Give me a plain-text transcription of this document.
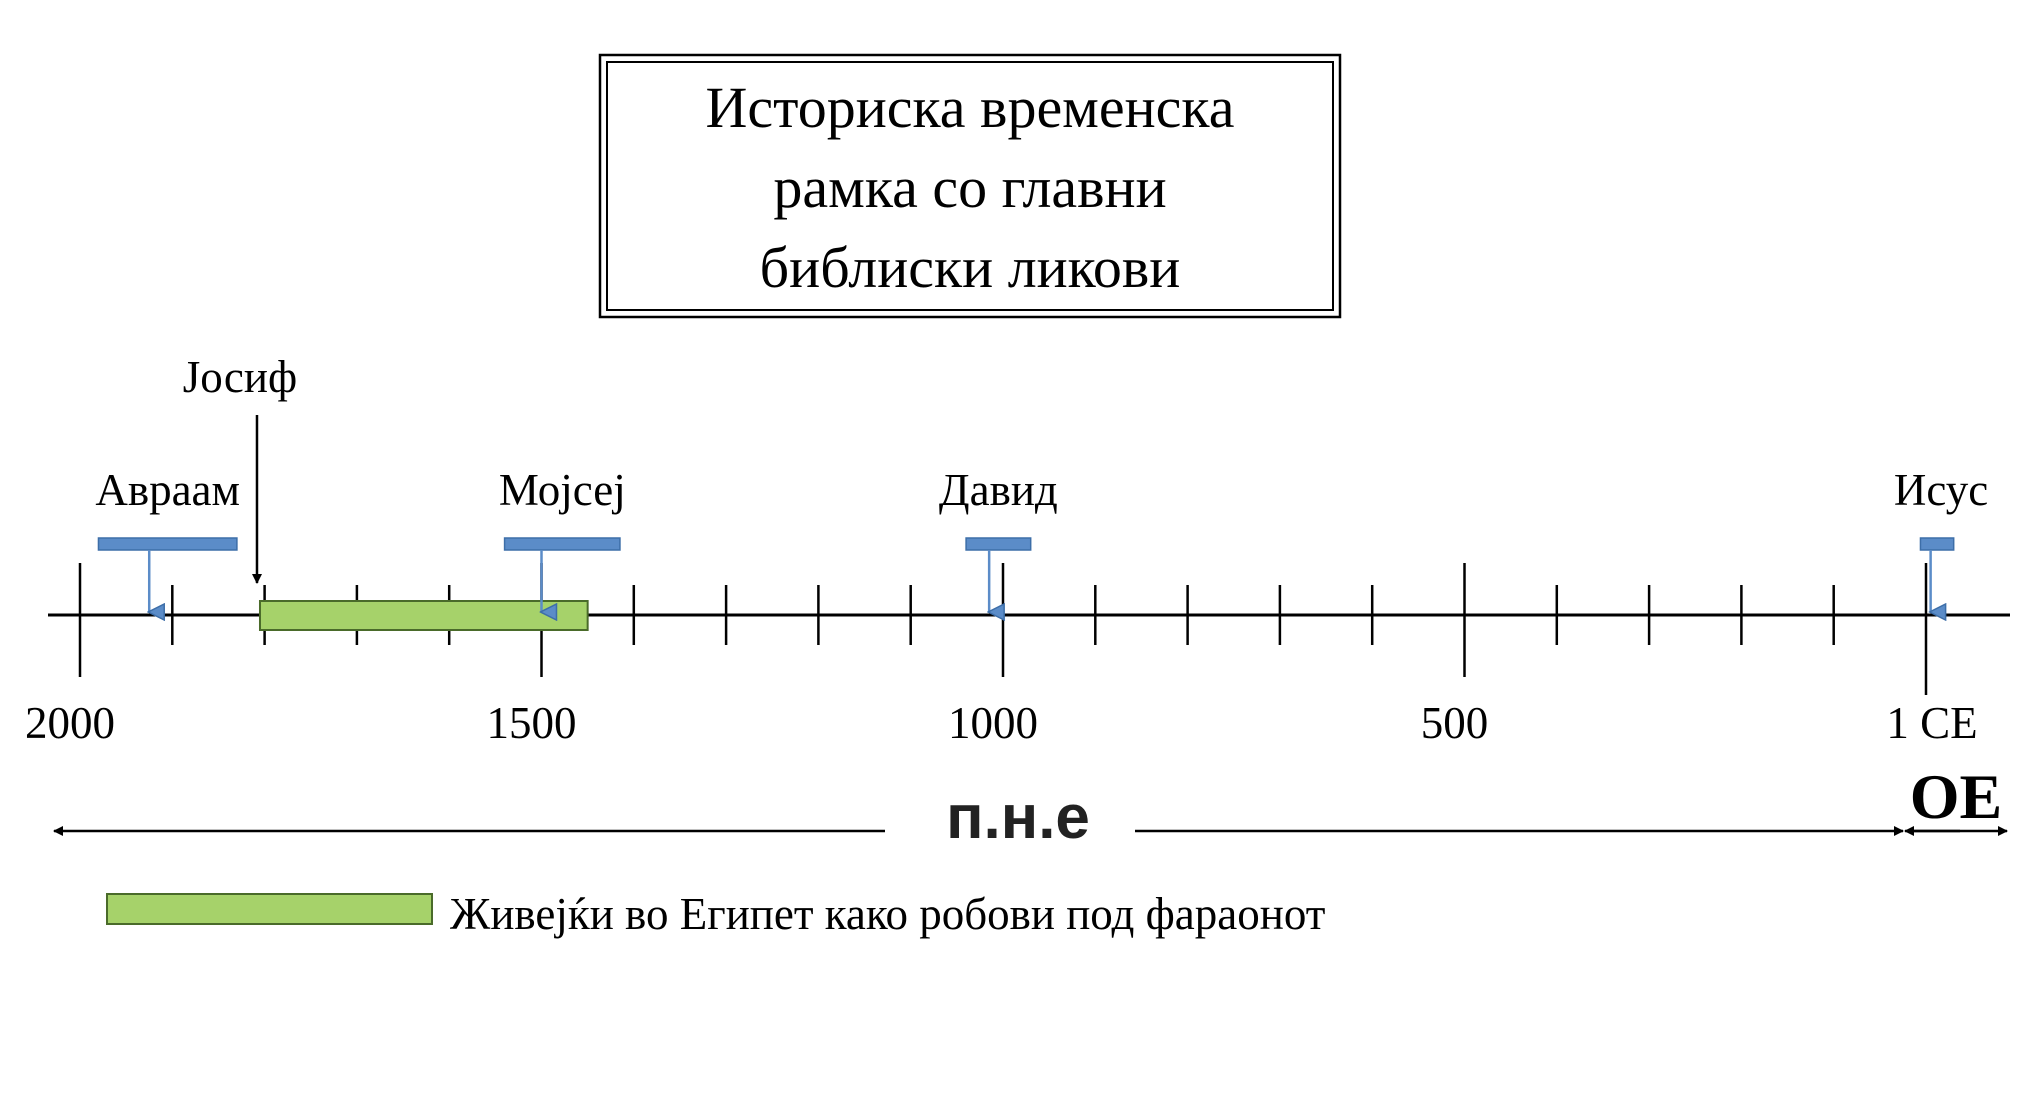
Историска временска
рамка со главни
библиски ликови
2000	1500	1000	500	1 CE
Јосиф
Авраам	Мојсеј	Давид	Исус
п.н.е	OE
Живејќи во Египет како робови под фараонот
